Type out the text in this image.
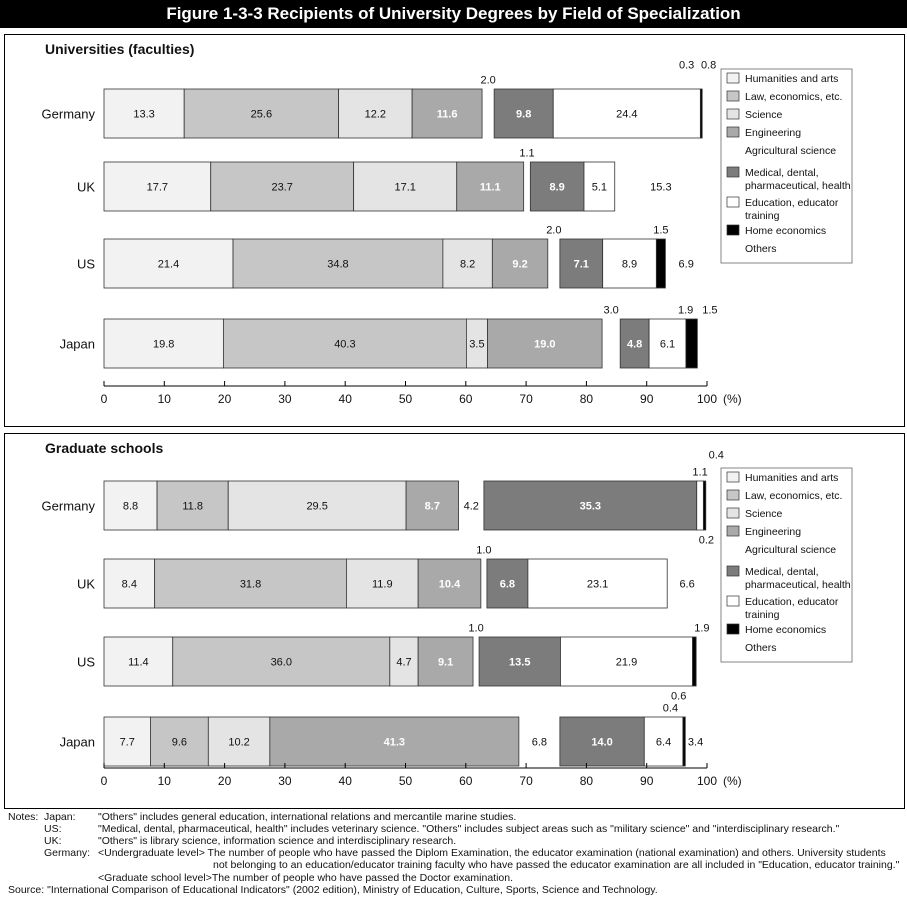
Figure 1-3-3 Recipients of University Degrees by Field of Specialization
Universities (faculties)
Germany	13.3	25.6	12.2	11.6
2.0
9.8	24.4
0.3 0.8
UK	17.7	23.7	17.1	11.1
1.1
8.9 5.1	15.3
US	21.4	34.8	8.2	9.2
2.0
7.1	8.9
1.5
6.9
Japan	19.8	40.3	3.5	19.0
3.0
4.8 6.1
1.9 1.5
0	10	20	30	40	50	60	70	80	90	100 (%)
Humanities and arts
Law, economics, etc.
Science
Engineering
Agricultural science
Medical, dental,
pharmaceutical, health
Education, educator
training
Home economics
Others
Graduate schools
Germany	8.8	11.8	29.5	8.7 4.2	35.3
1.1
0.4
0.2
UK 8.4	31.8	11.9	10.4
1.0
6.8	23.1	6.6
US	11.4	36.0	4.7 9.1
1.0
13.5	21.9
0.6
1.9
Japan 7.7	9.6	10.2	41.3	6.8	14.0	6.4
0.4
3.4
0	10	20	30	40	50	60	70	80	90	100 (%)
Humanities and arts
Law, economics, etc.
Science
Engineering
Agricultural science
Medical, dental,
pharmaceutical, health
Education, educator
training
Home economics
Others
Notes: Japan: "Others" includes general education, international relations and mercantile marine studies.
US:	"Medical, dental, pharmaceutical, health" includes veterinary science. "Others" includes subject areas such as "military science" and "interdisciplinary research."
UK:	"Others" is library science, information science and interdisciplinary research.
Germany: <Undergraduate level> The number of people who have passed the Diplom Examination, the educator examination (national examination) and others. University students
not belonging to an education/educator training faculty who have passed the educator examination are all included in "Education, educator training."
<Graduate school level>The number of people who have passed the Doctor examination.
Source: "International Comparison of Educational Indicators" (2002 edition), Ministry of Education, Culture, Sports, Science and Technology.
